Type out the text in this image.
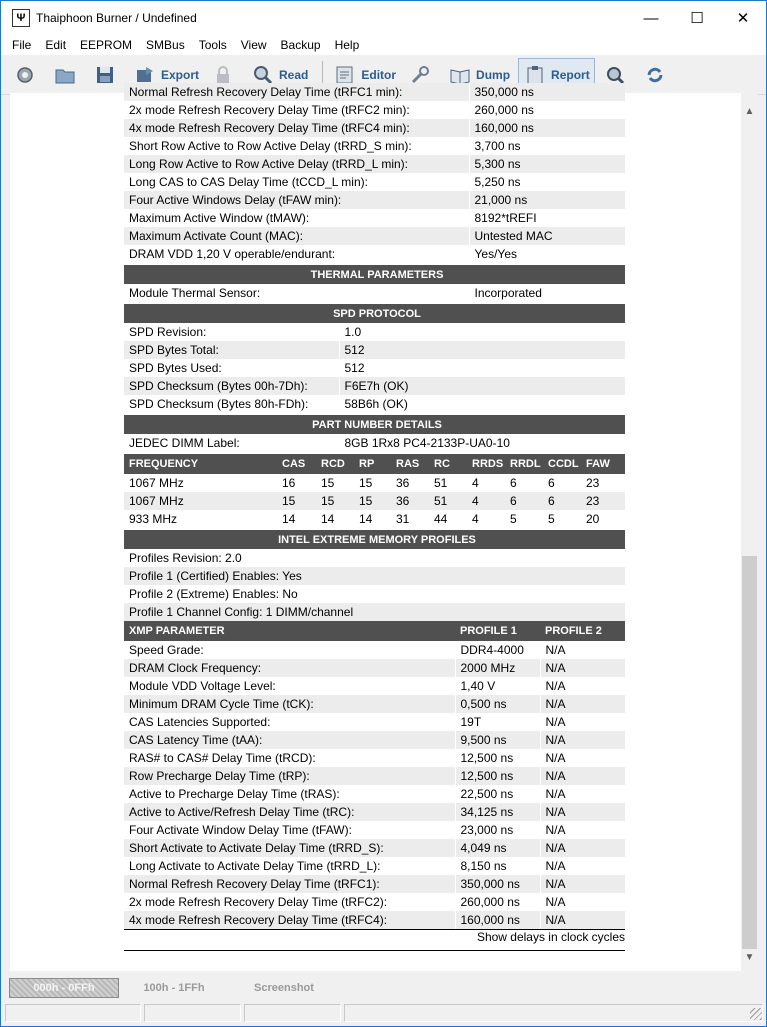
Ψ Thaiphoon Burner / Undefined	—	☐	✕
File	Edit	EEPROM	SMBus	Tools	View	Backup	Help
Export	Read	Editor	Dump	Report
Normal Refresh Recovery Delay Time (tRFC1 min):	350,000 ns
2x mode Refresh Recovery Delay Time (tRFC2 min):	260,000 ns
4x mode Refresh Recovery Delay Time (tRFC4 min):	160,000 ns
Short Row Active to Row Active Delay (tRRD_S min):	3,700 ns
Long Row Active to Row Active Delay (tRRD_L min):	5,300 ns
Long CAS to CAS Delay Time (tCCD_L min):	5,250 ns
Four Active Windows Delay (tFAW min):	21,000 ns
Maximum Active Window (tMAW):	8192*tREFI
Maximum Activate Count (MAC):	Untested MAC
DRAM VDD 1,20 V operable/endurant:	Yes/Yes
THERMAL PARAMETERS
Module Thermal Sensor:	Incorporated
SPD PROTOCOL	
SPD Revision:	1.0
SPD Bytes Total:	512
SPD Bytes Used:	512
SPD Checksum (Bytes 00h-7Dh):	F6E7h (OK)
SPD Checksum (Bytes 80h-FDh):	58B6h (OK)
PART NUMBER DETAILS
JEDEC DIMM Label:	8GB 1Rx8 PC4-2133P-UA0-10
FREQUENCY	CAS	RCD	RP	RAS	RC	RRDS	RRDL	CCDL	FAW
1067 MHz	16	15	15	36	51	4	6	6	23
1067 MHz	15	15	15	36	51	4	6	6	23
933 MHz	14	14	14	31	44	4	5	5	20
INTEL EXTREME MEMORY PROFILES
Profiles Revision: 2.0
Profile 1 (Certified) Enables: Yes
Profile 2 (Extreme) Enables: No
Profile 1 Channel Config: 1 DIMM/channel
XMP PARAMETER	PROFILE 1	PROFILE 2
Speed Grade:	DDR4-4000	N/A
DRAM Clock Frequency:	2000 MHz	N/A
Module VDD Voltage Level:	1,40 V	N/A
Minimum DRAM Cycle Time (tCK):	0,500 ns	N/A
CAS Latencies Supported:	19T	N/A
CAS Latency Time (tAA):	9,500 ns	N/A
RAS# to CAS# Delay Time (tRCD):	12,500 ns	N/A
Row Precharge Delay Time (tRP):	12,500 ns	N/A
Active to Precharge Delay Time (tRAS):	22,500 ns	N/A
Active to Active/Refresh Delay Time (tRC):	34,125 ns	N/A
Four Activate Window Delay Time (tFAW):	23,000 ns	N/A
Short Activate to Activate Delay Time (tRRD_S):	4,049 ns	N/A
Long Activate to Activate Delay Time (tRRD_L):	8,150 ns	N/A
Normal Refresh Recovery Delay Time (tRFC1):	350,000 ns	N/A
2x mode Refresh Recovery Delay Time (tRFC2):	260,000 ns	N/A
4x mode Refresh Recovery Delay Time (tRFC4):	160,000 ns	N/A
Show delays in clock cycles
▲
▼
000h - 0FFh	100h - 1FFh	Screenshot
